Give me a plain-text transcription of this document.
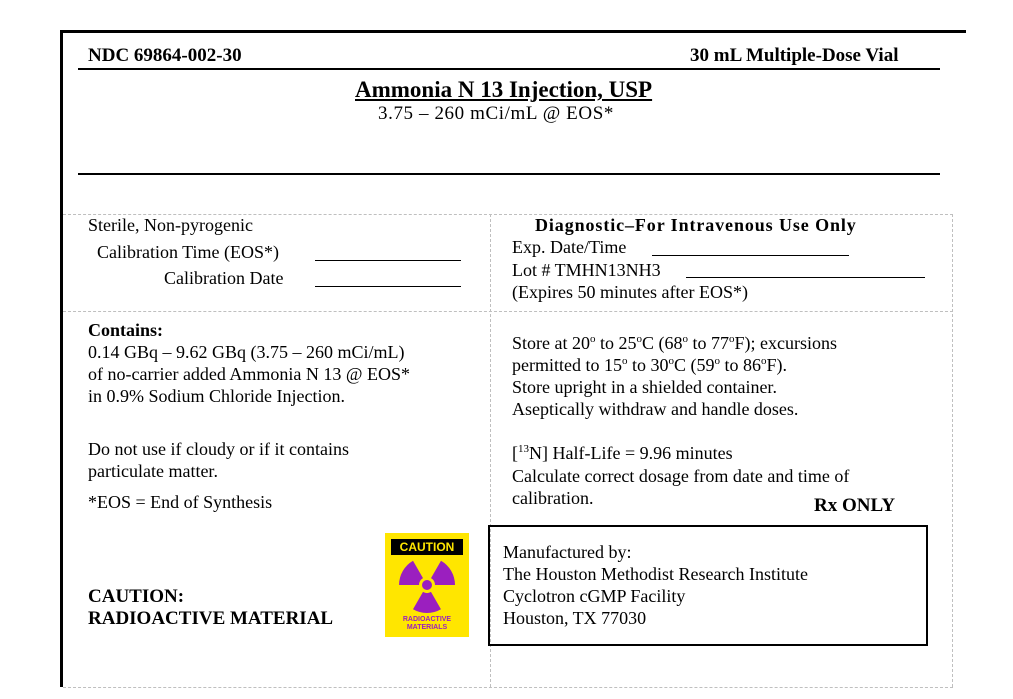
NDC 69864-002-30	30 mL Multiple-Dose Vial
Ammonia N 13 Injection, USP
3.75 – 260 mCi/mL @ EOS*
Sterile, Non-pyrogenic
Calibration Time (EOS*)
Calibration Date
Diagnostic–For Intravenous Use Only
Exp. Date/Time
Lot # TMHN13NH3
(Expires 50 minutes after EOS*)
Contains:
0.14 GBq – 9.62 GBq (3.75 – 260 mCi/mL)
of no-carrier added Ammonia N 13 @ EOS*
in 0.9% Sodium Chloride Injection.
Do not use if cloudy or if it contains
particulate matter.
*EOS = End of Synthesis
Store at 20$^o$ to 25$^o$C (68$^o$ to 77$^o$F); excursions
permitted to 15$^o$ to 30$^o$C (59$^o$ to 86$^o$F).
Store upright in a shielded container.
Aseptically withdraw and handle doses.
[$^{13}$N] Half-Life = 9.96 minutes
Calculate correct dosage from date and time of
calibration.	Rx ONLY
CAUTION:
RADIOACTIVE MATERIAL
CAUTION
RADIOACTIVE
MATERIALS
Manufactured by:
The Houston Methodist Research Institute
Cyclotron cGMP Facility
Houston, TX 77030
